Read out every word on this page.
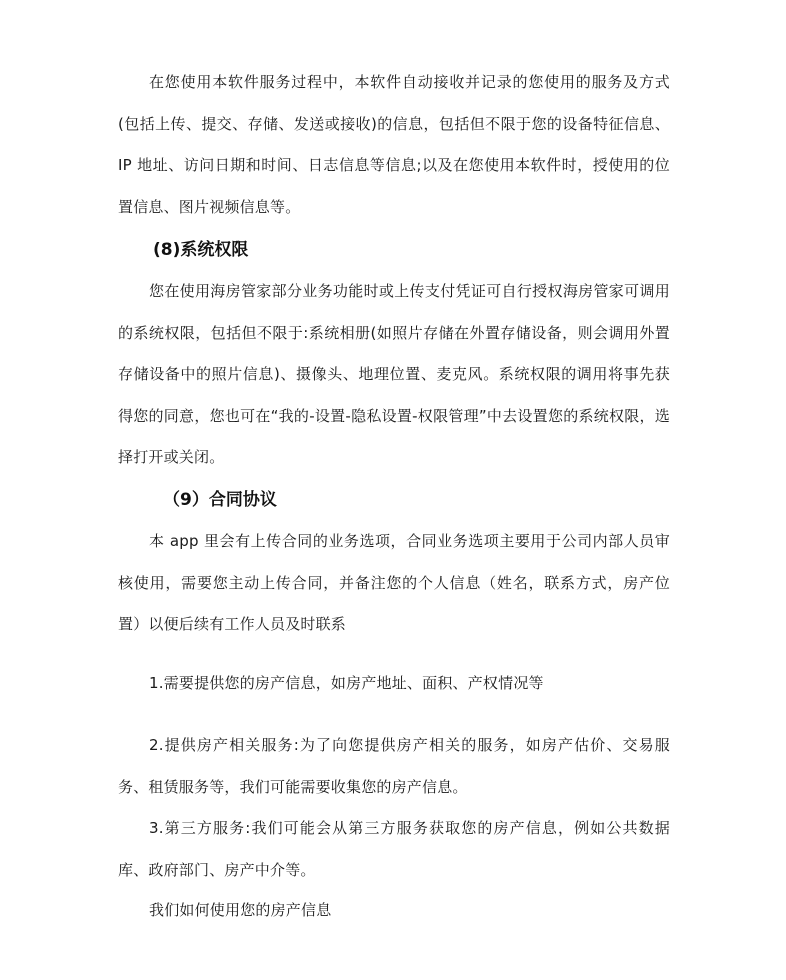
在您使用本软件服务过程中，本软件自动接收并记录的您使用的服务及方式(包括上传、提交、存储、发送或接收)的信息，包括但不限于您的设备特征信息、IP 地址、访问日期和时间、日志信息等信息;以及在您使用本软件时，授使用的位置信息、图片视频信息等。

(8)系统权限

您在使用海房管家部分业务功能时或上传支付凭证可自行授权海房管家可调用的系统权限，包括但不限于:系统相册(如照片存储在外置存储设备，则会调用外置存储设备中的照片信息)、摄像头、地理位置、麦克风。系统权限的调用将事先获得您的同意，您也可在“我的-设置-隐私设置-权限管理”中去设置您的系统权限，选择打开或关闭。

（9）合同协议

本 app 里会有上传合同的业务选项，合同业务选项主要用于公司内部人员审核使用，需要您主动上传合同，并备注您的个人信息（姓名，联系方式，房产位置）以便后续有工作人员及时联系

1.需要提供您的房产信息，如房产地址、面积、产权情况等

2.提供房产相关服务:为了向您提供房产相关的服务，如房产估价、交易服务、租赁服务等，我们可能需要收集您的房产信息。

3.第三方服务:我们可能会从第三方服务获取您的房产信息，例如公共数据库、政府部门、房产中介等。

我们如何使用您的房产信息
